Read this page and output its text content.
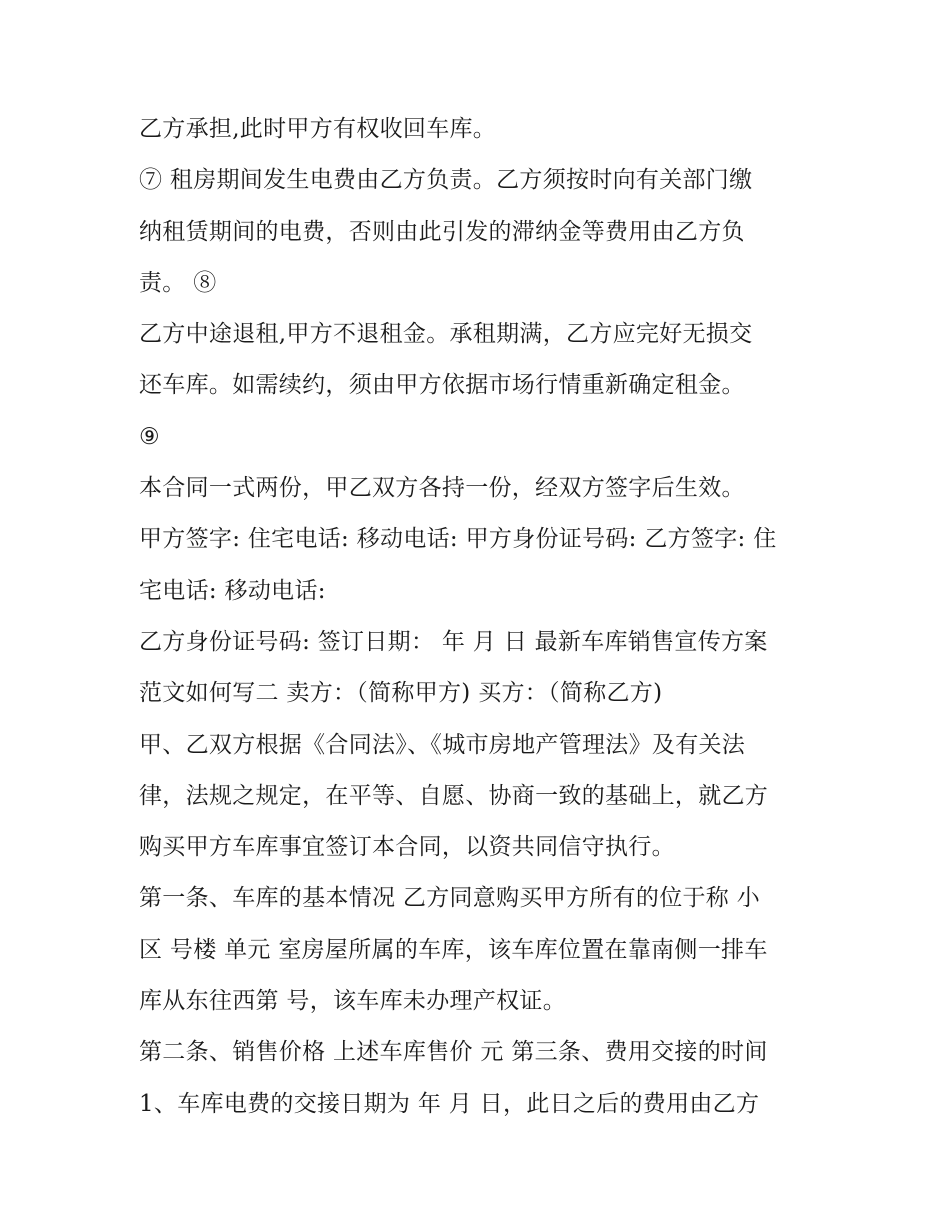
乙方承担,此时甲方有权收回车库。
⑦ 租房期间发生电费由乙方负责。乙方须按时向有关部门缴
纳租赁期间的电费，否则由此引发的滞纳金等费用由乙方负
责。 ⑧
乙方中途退租,甲方不退租金。承租期满，乙方应完好无损交
还车库。如需续约，须由甲方依据市场行情重新确定租金。
⑨
本合同一式两份，甲乙双方各持一份，经双方签字后生效。
甲方签字: 住宅电话: 移动电话: 甲方身份证号码: 乙方签字: 住
宅电话: 移动电话:
乙方身份证号码: 签订日期： 年 月 日 最新车库销售宣传方案
范文如何写二 卖方：（简称甲方) 买方：（简称乙方)
甲、乙双方根据《合同法》、《城市房地产管理法》及有关法
律，法规之规定，在平等、自愿、协商一致的基础上，就乙方
购买甲方车库事宜签订本合同，以资共同信守执行。
第一条、车库的基本情况 乙方同意购买甲方所有的位于称 小
区 号楼 单元 室房屋所属的车库，该车库位置在靠南侧一排车
库从东往西第 号，该车库未办理产权证。
第二条、销售价格 上述车库售价 元 第三条、费用交接的时间
1、车库电费的交接日期为 年 月 日，此日之后的费用由乙方
